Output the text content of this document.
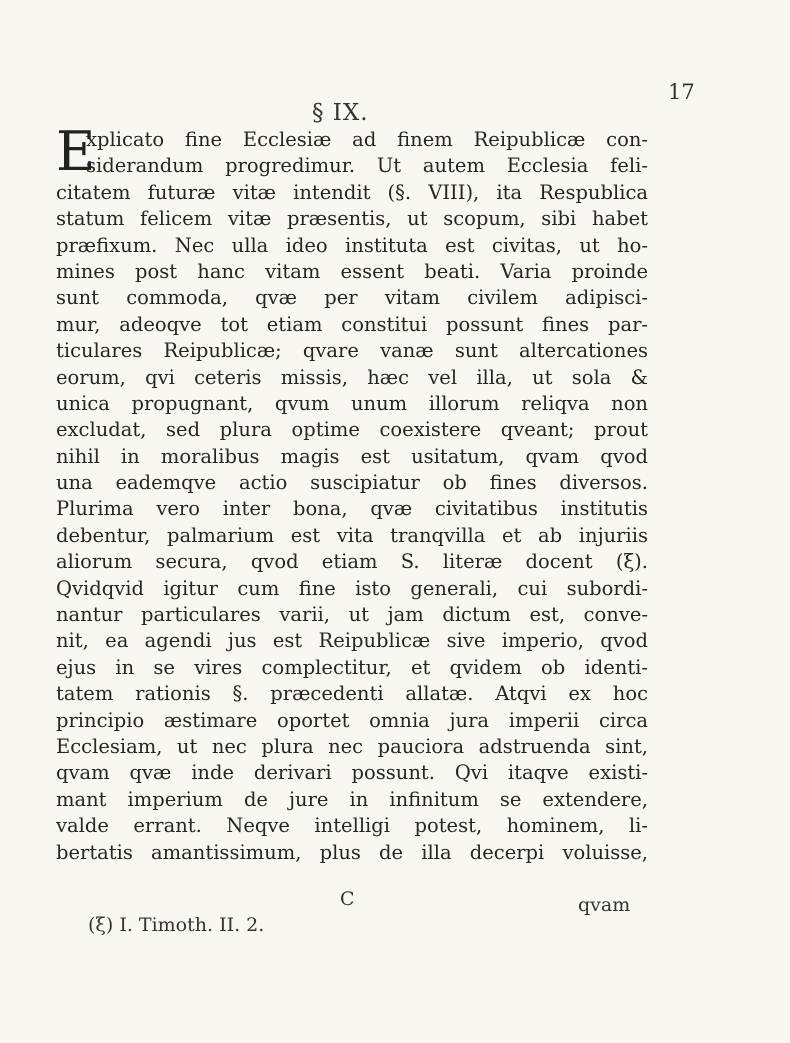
17
§ IX.
E
xplicato fine Ecclesiæ ad finem Reipublicæ con-
siderandum progredimur. Ut autem Ecclesia feli-
citatem futuræ vitæ intendit (§. VIII), ita Respublica
statum felicem vitæ præsentis, ut scopum, sibi habet
præfixum. Nec ulla ideo instituta est civitas, ut ho-
mines post hanc vitam essent beati. Varia proinde
sunt commoda, qvæ per vitam civilem adipisci-
mur, adeoqve tot etiam constitui possunt fines par-
ticulares Reipublicæ; qvare vanæ sunt altercationes
eorum, qvi ceteris missis, hæc vel illa, ut sola &
unica propugnant, qvum unum illorum reliqva non
excludat, sed plura optime coexistere qveant; prout
nihil in moralibus magis est usitatum, qvam qvod
una eademqve actio suscipiatur ob fines diversos.
Plurima vero inter bona, qvæ civitatibus institutis
debentur, palmarium est vita tranqvilla et ab injuriis
aliorum secura, qvod etiam S. literæ docent (ξ).
Qvidqvid igitur cum fine isto generali, cui subordi-
nantur particulares varii, ut jam dictum est, conve-
nit, ea agendi jus est Reipublicæ sive imperio, qvod
ejus in se vires complectitur, et qvidem ob identi-
tatem rationis §. præcedenti allatæ. Atqvi ex hoc
principio æstimare oportet omnia jura imperii circa
Ecclesiam, ut nec plura nec pauciora adstruenda sint,
qvam qvæ inde derivari possunt. Qvi itaqve existi-
mant imperium de jure in infinitum se extendere,
valde errant. Neqve intelligi potest, hominem, li-
bertatis amantissimum, plus de illa decerpi voluisse,
C	qvam
(ξ) I. Timoth. II. 2.
